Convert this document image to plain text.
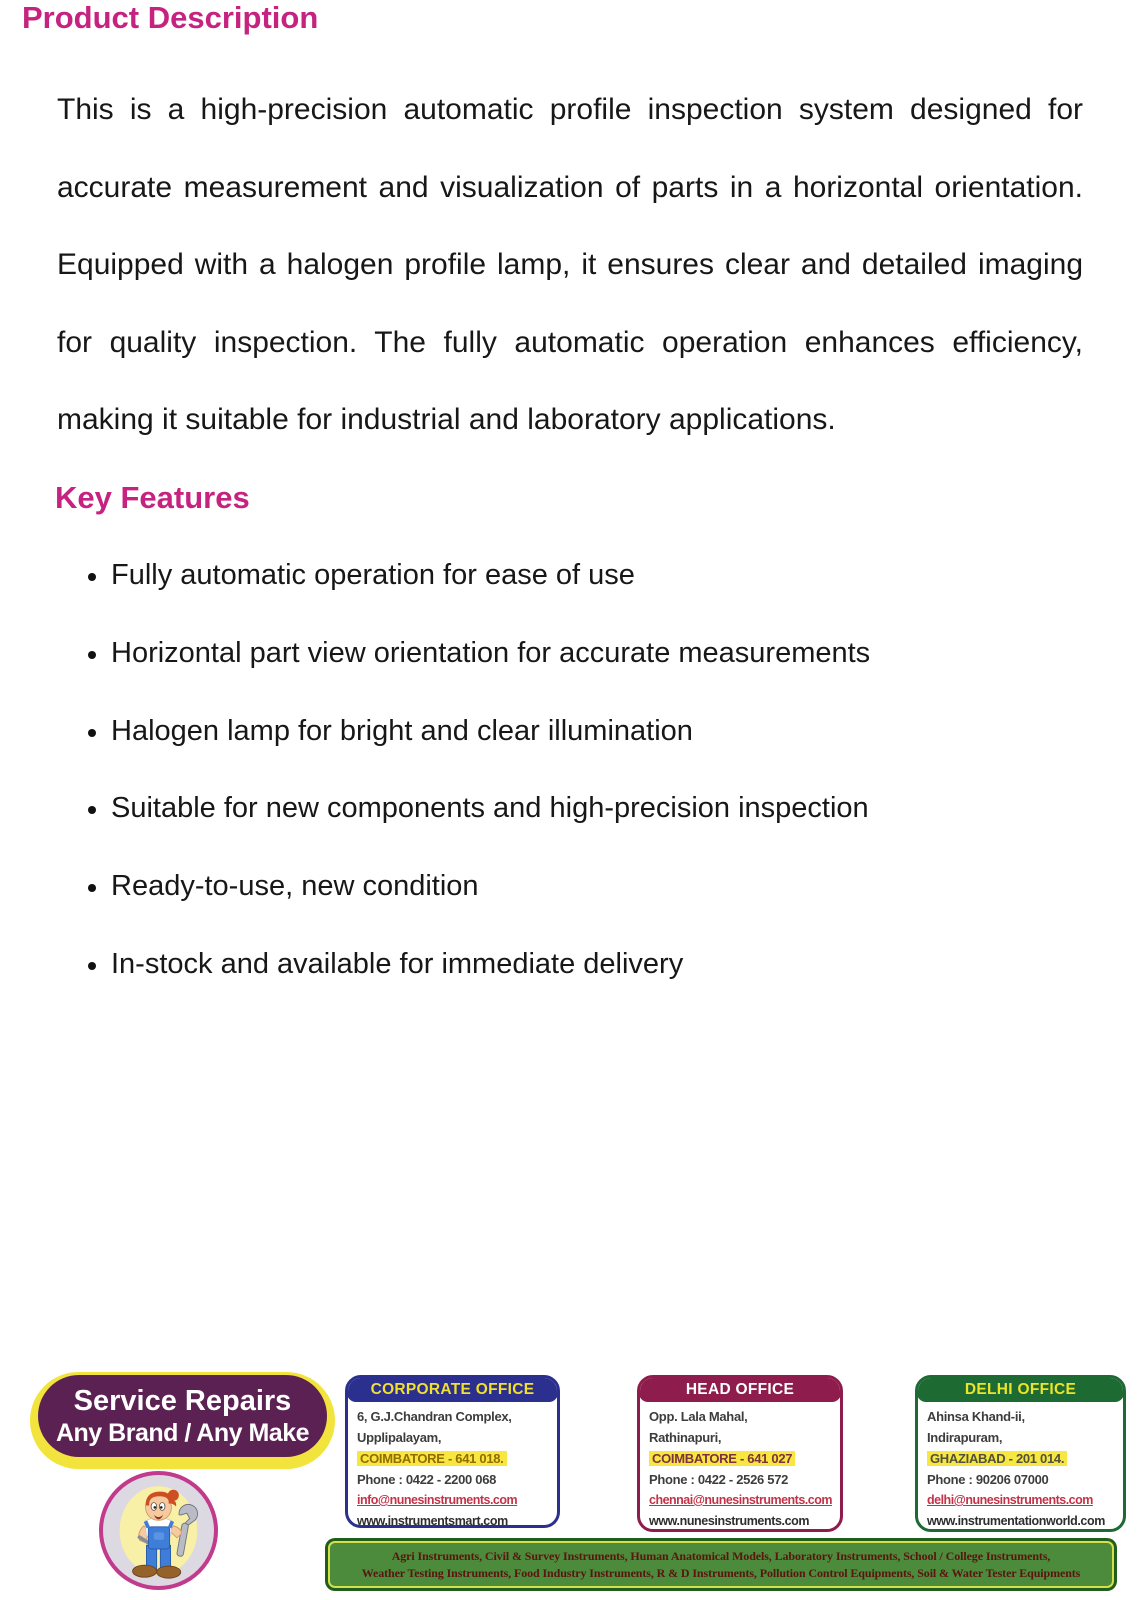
Product Description
This is a high-precision automatic profile inspection system designed for
accurate measurement and visualization of parts in a horizontal orientation.
Equipped with a halogen profile lamp, it ensures clear and detailed imaging
for quality inspection. The fully automatic operation enhances efficiency,
making it suitable for industrial and laboratory applications.
Key Features
Fully automatic operation for ease of use
Horizontal part view orientation for accurate measurements
Halogen lamp for bright and clear illumination
Suitable for new components and high-precision inspection
Ready-to-use, new condition
In-stock and available for immediate delivery
Service Repairs
Any Brand / Any Make
CORPORATE OFFICE
6, G.J.Chandran Complex,
Upplipalayam,
COIMBATORE - 641 018.
Phone : 0422 - 2200 068
info@nunesinstruments.com
www.instrumentsmart.com
HEAD OFFICE
Opp. Lala Mahal,
Rathinapuri,
COIMBATORE - 641 027
Phone : 0422 - 2526 572
chennai@nunesinstruments.com
www.nunesinstruments.com
DELHI OFFICE
Ahinsa Khand-ii,
Indirapuram,
GHAZIABAD - 201 014.
Phone : 90206 07000
delhi@nunesinstruments.com
www.instrumentationworld.com
Agri Instruments, Civil & Survey Instruments, Human Anatomical Models, Laboratory Instruments, School / College Instruments,
Weather Testing Instruments, Food Industry Instruments, R & D Instruments, Pollution Control Equipments, Soil & Water Tester Equipments
